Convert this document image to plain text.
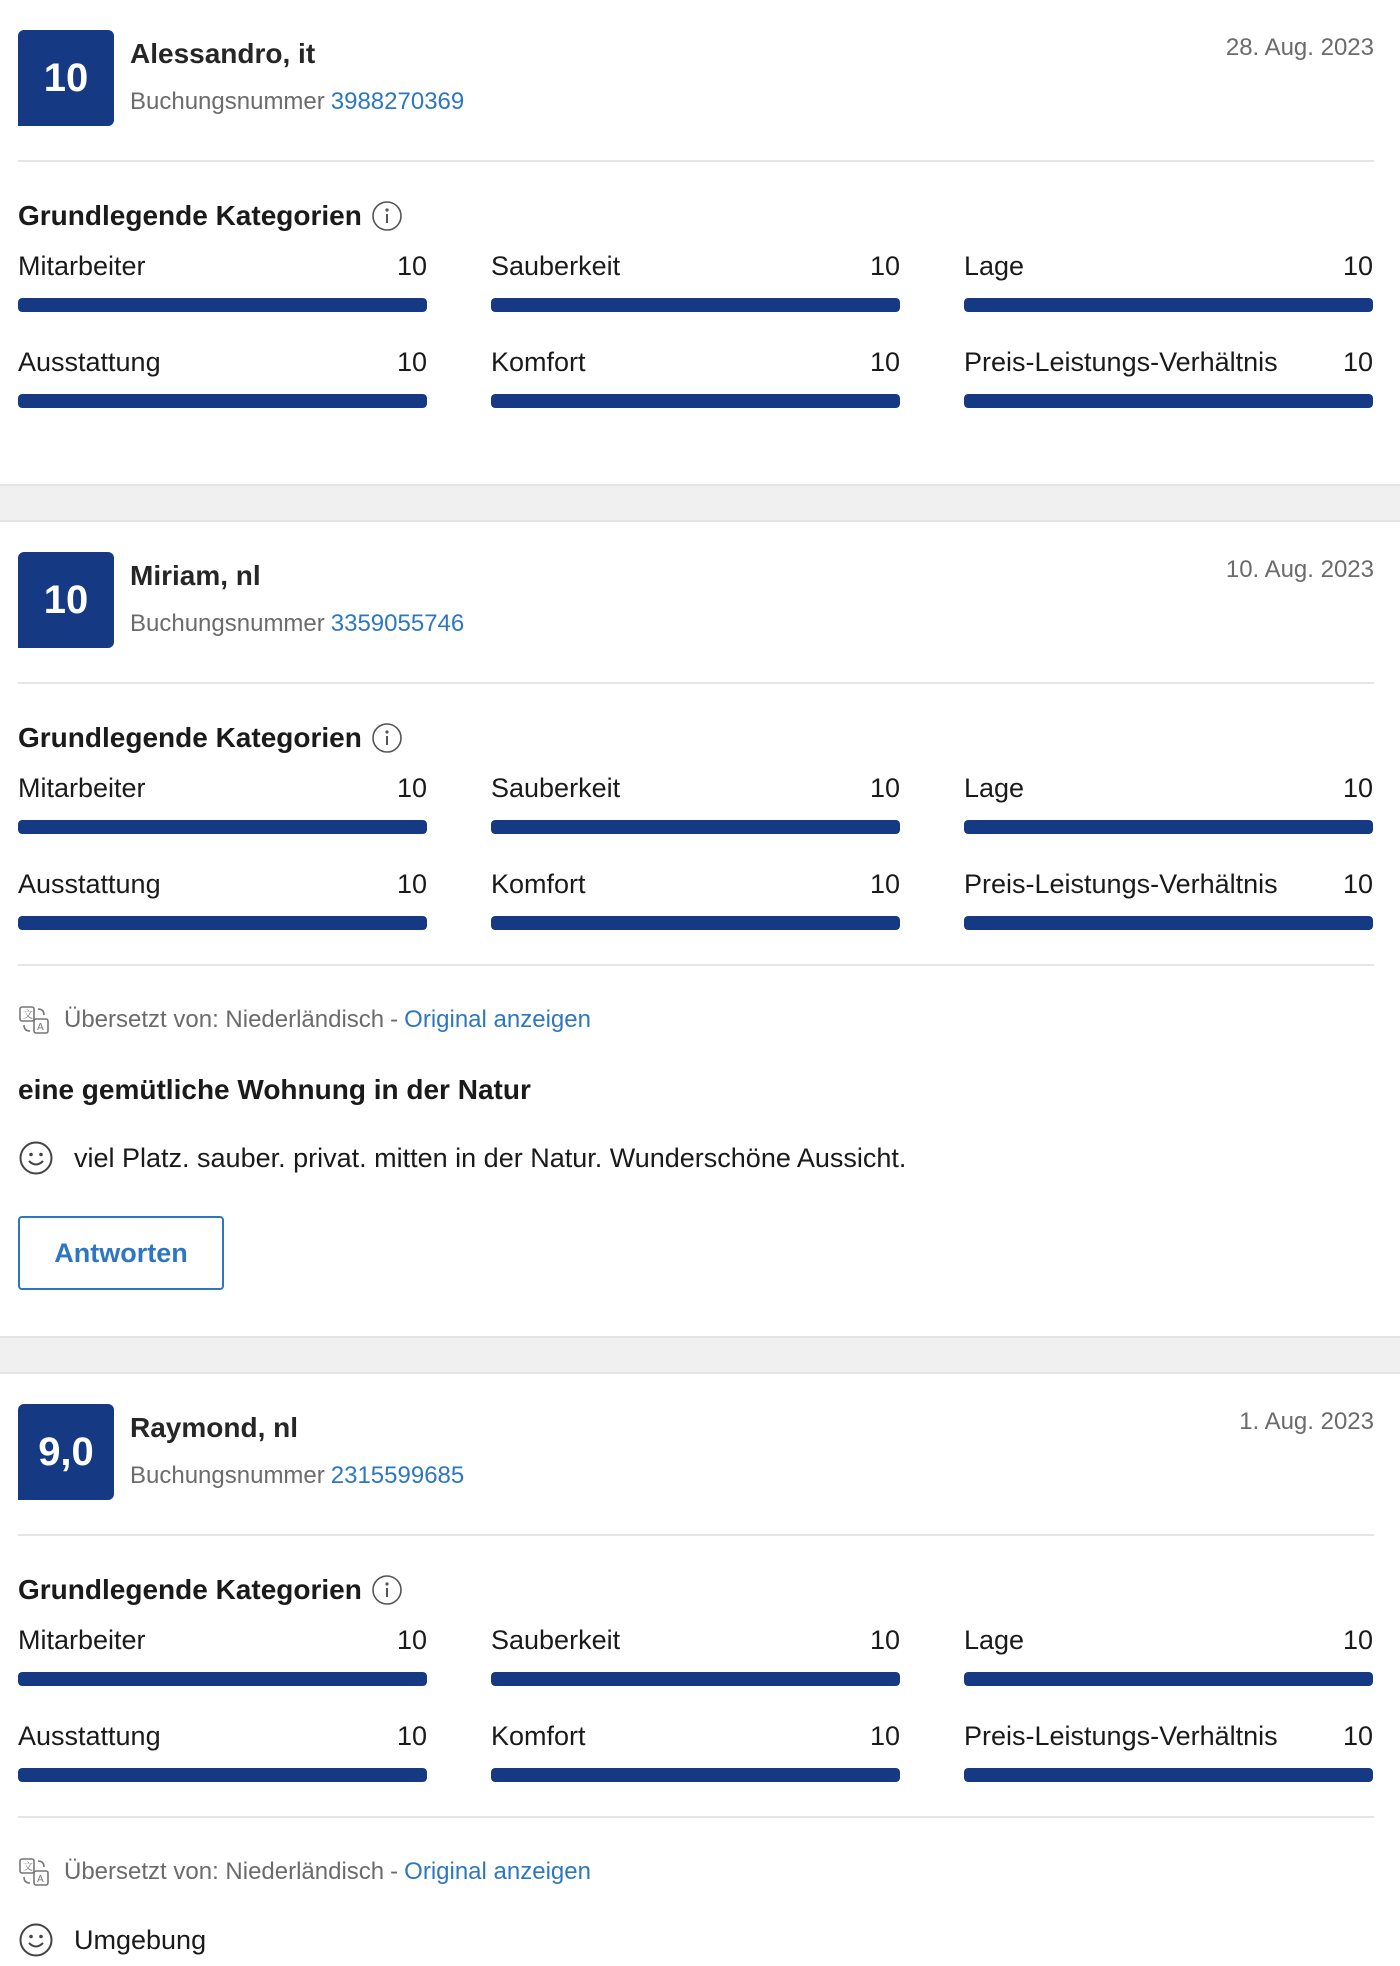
10
Alessandro, it
Buchungsnummer 3988270369
28. Aug. 2023
Grundlegende Kategorien
Mitarbeiter	10 Sauberkeit	10 Lage	10
Ausstattung	10 Komfort	10 Preis-Leistungs-Verhältnis 10
10
Miriam, nl
Buchungsnummer 3359055746
10. Aug. 2023
Grundlegende Kategorien
Mitarbeiter	10 Sauberkeit	10 Lage	10
Ausstattung	10 Komfort	10 Preis-Leistungs-Verhältnis 10
文
A Übersetzt von: Niederländisch - Original anzeigen
eine gemütliche Wohnung in der Natur
viel Platz. sauber. privat. mitten in der Natur. Wunderschöne Aussicht.
Antworten
9,0
Raymond, nl
Buchungsnummer 2315599685
1. Aug. 2023
Grundlegende Kategorien
Mitarbeiter	10 Sauberkeit	10 Lage	10
Ausstattung	10 Komfort	10 Preis-Leistungs-Verhältnis 10
文
A Übersetzt von: Niederländisch - Original anzeigen
Umgebung
